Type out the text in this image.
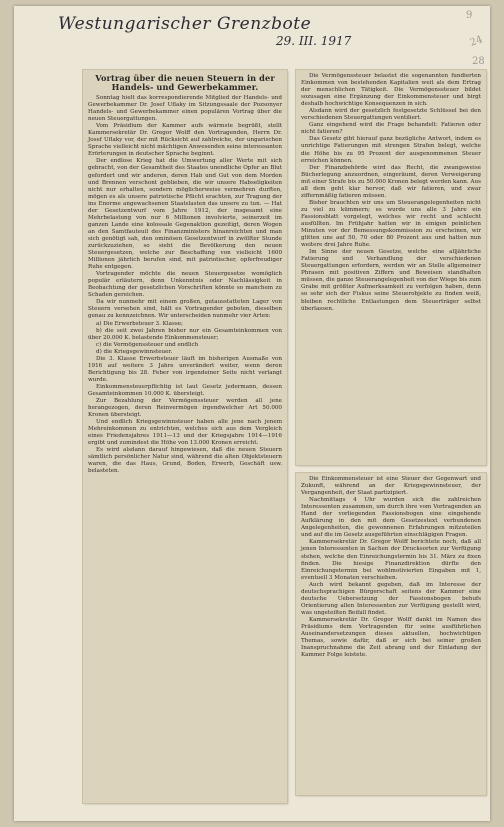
Westungarischer Grenzbote
29. III. 1917
9
24
28
Vortrag über die neuen Steuern in der Handels- und Gewerbekammer.

Sonntag hielt das korrespondierende Mitglied der Handels- und Gewerbekammer Dr. Josef Uflaky im Sitzungssaale der Pozsonyer Handels- und Gewerbekammer einen populären Vortrag über die neuen Steuergattungen.

Vom Präsidium der Kammer aufs wärmste begrüßt, stellt Kammersekretär Dr. Gregor Wolff den Vortragenden, Herrn Dr. Josef Uflaky vor, der mit Rücksicht auf zahlreiche, der ungarischen Sprache vielleicht nicht mächtigen Anwesenden seine interessanten Erörterungen in deutscher Sprache beginnt.

Der endlose Krieg hat die Umwertung aller Werte mit sich gebracht, von der Gesamtheit des Staates unendliche Opfer an Blut gefordert und wir anderen, deren Hab und Gut von dem Morden und Brennen verschont geblieben, die wir unsere Habseligkeiten nicht nur erhalten, sondern möglicherweise vermehren durften, mögen es als unsere patriotische Pflicht erachten, zur Tragung der ins Enorme angewachsenen Staatslasten das unsere zu tun. — Hat der Gesetzentwurf vom Jahre 1912, der insgesamt eine Mehrbelastung von nur 6 Millionen involvierte, seinerzeit im ganzen Lande eine kolossale Gegenaktion gezeitigt, deren Wogen an den Samtfauteuil des Finanzministers hinanreichten und man sich genötigt sah, den ominösen Gesetzentwurf in zwölfter Stunde zurückzuziehen, so sieht die Bevölkerung den neuen Steuergesetzen, welche zur Beschaffung von vielleicht 1600 Millionen jährlich berufen sind, mit patriotischer, opferfreudiger Ruhe entgegen.

Vortragender möchte die neuen Steuergesetze womöglich populär erläutern, denn Unkenntnis oder Nachlässigkeit in Beobachtung der gesetzlichen Vorschriften könnte so manchem zu Schaden gereichen.

Da wir nunmehr mit einem großen, gutausstatteten Lager von Steuern versehen sind, hält es Vortragender geboten, dieselben genau zu kennzeichnen. Wir unterscheiden nunmehr vier Arten:

a) Die Erwerbsteuer 3. Klasse;

b) die seit zwei Jahren bisher nur ein Gesamteinkommen von über 20.000 K. belastende Einkommensteuer;

c) die Vermögenssteuer und endlich

d) die Kriegsgewinnsteuer.

Die 3. Klasse Erwerbsteuer läuft im bisherigen Ausmaße von 1916 auf weitere 3 Jahre unverändert weiter, wenn deren Berichtigung bis 28. Feber von irgendeiner Seite nicht verlangt wurde.

Einkommensteuerpflichtig ist laut Gesetz jedermann, dessen Gesamteinkommen 10.000 K. übersteigt.

Zur Bezahlung der Vermögenssteuer werden all jene herangezogen, deren Reinvermögen irgendwelcher Art 50.000 Kronen übersteigt.

Und endlich Kriegsgewinnsteuer haben alle jene nach jenem Mehreinkommen zu entrichten, welches sich aus dem Vergleich eines Friedensjahres 1911—13 und der Kriegsjahre 1914—1916 ergibt und zumindest die Höhe von 13.000 Kronen erreicht.

Es wird alsdann darauf hingewiesen, daß die neuen Steuern sämtlich persönlicher Natur sind, während die alten Objektsteuern waren, die das Haus, Grund, Boden, Erwerb, Geschäft usw. belasteten.

Die Vermögenssteuer belastet die sogenannten fundierten Einkommen von bestehenden Kapitalien weit als dem Ertrag der menschlichen Tätigkeit. Die Vermögenssteuer bildet sozusagen eine Ergänzung der Einkommensteuer und birgt deshalb hochwichtige Konsequenzen in sich.

Alsdann wird der gesetzlich festgesetzte Schlüssel bei den verschiedenen Steuergattungen ventiliert.

Ganz eingehend wird die Frage behandelt: Fatieren oder nicht fatieren?

Das Gesetz gibt hierauf ganz bezügliche Antwort, indem es unrichtige Fatierungen mit strengen Strafen belegt, welche die Höhe bis zu 95 Prozent der ausgenommenen Steuer erreichen können.

Der Finanzbehörde wird das Recht, die zwangsweise Bücherlegung anzuordnen, eingeräumt, deren Verweigerung mit einer Strafe bis zu 50.000 Kronen belegt werden kann. Aus all dem geht klar hervor, daß wir fatieren, und zwar ziffernmäßig fatieren müssen.

Bisher brauchten wir uns um Steuerangelegenheiten nicht zu viel zu kümmern; es wurde uns alle 3 Jahre ein Fassionsblatt vorgelegt, welches wir recht und schlecht ausfüllten. Im Frühjahr hatten wir in einigen peinlichen Minuten vor der Bemessungskommission zu erscheinen, wir glitten uns auf 50, 70 oder 80 Prozent aus und hatten nun weitere drei Jahre Ruhe.

Im Sinne der neuen Gesetze, welche eine alljährliche Fatierung und Verhandlung der verschiedenen Steuergattungen erfordern, werden wir an Stelle allgemeiner Phrasen mit positiven Ziffern und Beweisen standhalten müssen, die ganze Steuerangelegenheit von der Wiege bis zum Grabe mit größter Aufmerksamkeit zu verfolgen haben, denn so sehr sich der Fiskus seine Steuerobjekte zu finden weiß, bleiben rechtliche Entlastungen dem Steuerträger selbst überlassen.

Die Einkommensteuer ist eine Steuer der Gegenwart und Zukunft, während an der Kriegsgewinnsteuer, der Vergangenheit, der Staat partizipiert.

Nachmittags 4 Uhr wurden sich die zahlreichen Interessenten zusammen, um durch ihre vom Vortragenden an Hand der vorliegenden Fassionsbogen eine eingehende Aufklärung in den mit dem Gesetzestext verbundenen Angelegenheiten, die gewonnenen Erfahrungen mitzuteilen und auf die im Gesetz ausgeführten einschlägigen Fragen.

Kammersekretär Dr. Gregor Wolff berichtete noch, daß all jenen Interessenten in Sachen der Drucksorten zur Verfügung stehen, welche den Einreichungstermin bis 31. März zu fixen finden. Die hiesige Finanzdirektion dürfte den Einreichungstermin bei wohlmotivierten Eingaben mit 1, eventuell 3 Monaten verschieben.

Auch wird bekannt gegeben, daß im Interesse der deutschsprachigen Bürgerschaft seitens der Kammer eine deutsche Uebersetzung der Fassionsbogen behufs Orientierung allen Interessenten zur Verfügung gestellt wird, was ungeteilten Beifall findet.

Kammersekretär Dr. Gregor Wolff dankt im Namen des Präsidiums dem Vortragenden für seine ausführlichen Auseinandersetzungen dieses aktuellen, hochwichtigen Themas, sowie dafür, daß er sich bei seiner großen Inanspruchnahme die Zeit abrang und der Einladung der Kammer Folge leistete.
